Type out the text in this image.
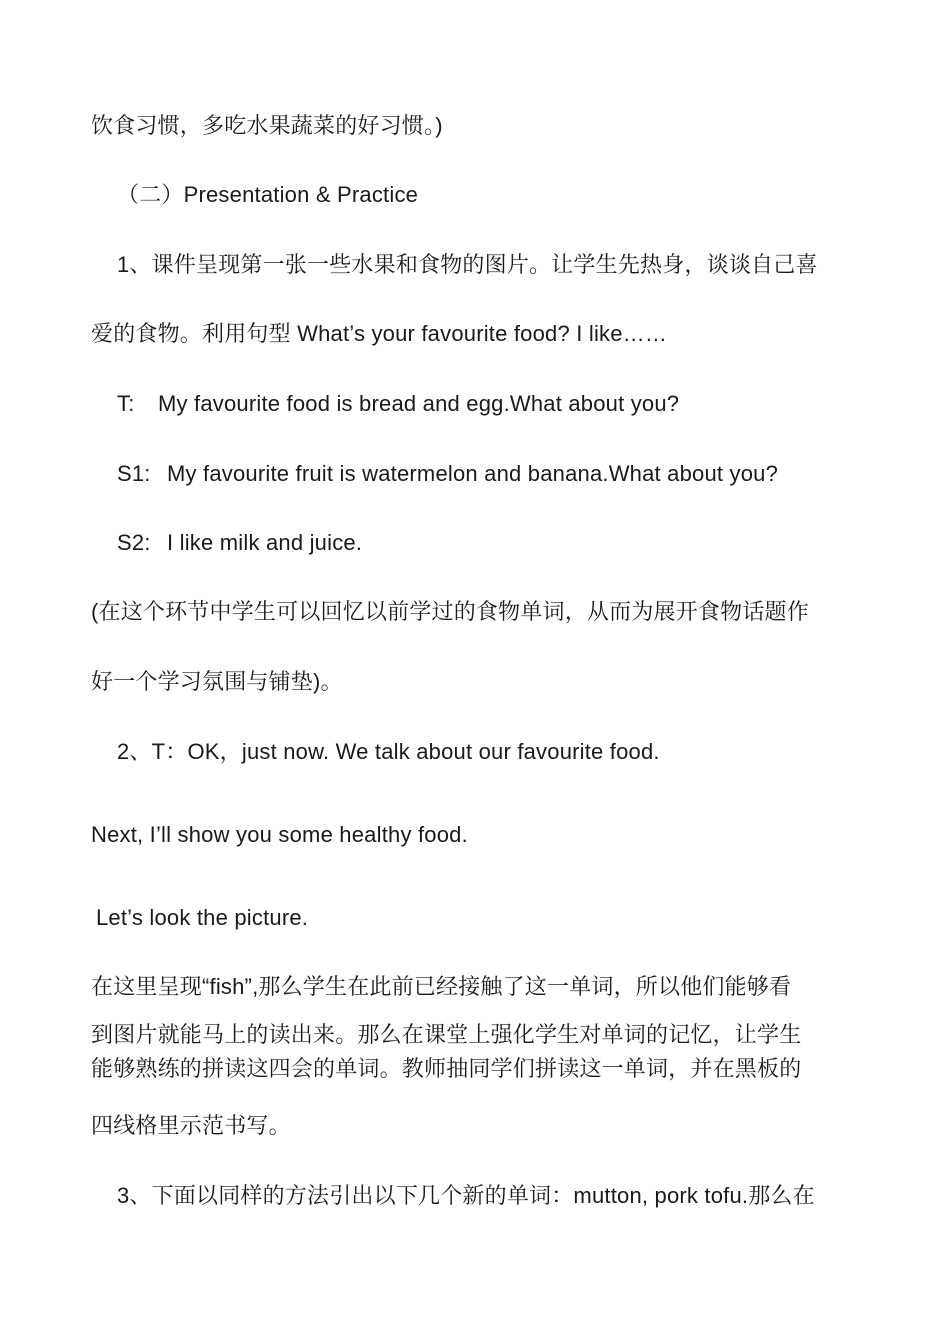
饮食习惯，多吃水果蔬菜的好习惯。)
（二）Presentation & Practice
1、课件呈现第一张一些水果和食物的图片。让学生先热身，谈谈自己喜
爱的食物。利用句型 What’s your favourite food? I like……
T: My favourite food is bread and egg.What about you?
S1: My favourite fruit is watermelon and banana.What about you?
S2: I like milk and juice.
(在这个环节中学生可以回忆以前学过的食物单词，从而为展开食物话题作
好一个学习氛围与铺垫)。
2、T：OK，just now. We talk about our favourite food.
Next, I’ll show you some healthy food.
Let’s look the picture.
在这里呈现“fish”,那么学生在此前已经接触了这一单词，所以他们能够看
到图片就能马上的读出来。那么在课堂上强化学生对单词的记忆，让学生
能够熟练的拼读这四会的单词。教师抽同学们拼读这一单词，并在黑板的
四线格里示范书写。
3、下面以同样的方法引出以下几个新的单词：mutton, pork tofu.那么在
